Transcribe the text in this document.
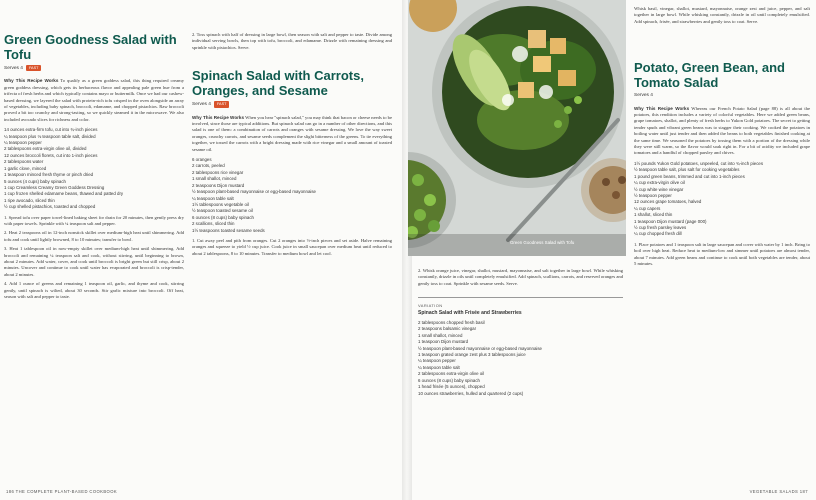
Green Goodness Salad with Tofu
Serves 4 FAST

Why This Recipe Works To qualify as a green goddess salad, this thing required creamy green goddess dressing, which gets its herbaceous flavor and appealing pale green hue from a trifecta of fresh herbs and which typically contains mayo or buttermilk. Once we had our cashew-based dressing, we layered the salad with protein-rich tofu crisped in the oven alongside an array of vegetables, including baby spinach, broccoli, edamame, and chopped pistachios. Raw broccoli proved a bit too crunchy and strong-tasting, so we quickly steamed it in the microwave. We also included avocado slices for richness and color.

14 ounces extra-firm tofu, cut into ¾-inch pieces
¼ teaspoon plus ⅛ teaspoon table salt, divided
¼ teaspoon pepper
2 tablespoons extra-virgin olive oil, divided
12 ounces broccoli florets, cut into 1-inch pieces
2 tablespoons water
1 garlic clove, minced
1 teaspoon minced fresh thyme or pinch dried
5 ounces (4 cups) baby spinach
1 cup Creamless Creamy Green Goddess Dressing
1 cup frozen shelled edamame beans, thawed and patted dry
1 ripe avocado, sliced thin
½ cup shelled pistachios, toasted and chopped

1. Spread tofu over paper towel-lined baking sheet for drain for 20 minutes, then gently press dry with paper towels. Sprinkle with ¼ teaspoon salt and pepper.

2. Heat 2 teaspoons oil in 12-inch nonstick skillet over medium-high heat until shimmering. Add tofu and cook until lightly browned, 8 to 10 minutes; transfer to bowl.

3. Heat 1 tablespoon oil in now-empty skillet over medium-high heat until shimmering. Add broccoli and remaining ¼ teaspoon salt and cook, without stirring, until beginning to brown, about 2 minutes. Add water, cover, and cook until broccoli is bright green but still crisp, about 2 minutes. Uncover and continue to cook until water has evaporated and broccoli is crisp-tender, about 2 minutes.

4. Add 1 ounce of greens and remaining 1 teaspoon oil, garlic, and thyme and cook, stirring gently, until spinach is wilted, about 30 seconds. Stir garlic mixture into broccoli. Off heat, season with salt and pepper to taste.

2. Toss spinach with half of dressing in large bowl, then season with salt and pepper to taste. Divide among individual serving bowls, then top with tofu, broccoli, and edamame. Drizzle with remaining dressing and sprinkle with pistachios. Serve.

Spinach Salad with Carrots, Oranges, and Sesame
Serves 4 FAST

Why This Recipe Works When you hear "spinach salad," you may think that bacon or cheese needs to be involved, since those are typical additions. But spinach salad can go in a number of other directions, and this salad is one of them: a combination of carrots and oranges with sesame dressing. We love the way sweet oranges, crunchy carrots, and sesame seeds complement the slight bitterness of the greens. To tie everything together, we tossed the carrots with a bright dressing made with rice vinegar and a small amount of toasted sesame oil.

6 oranges
2 carrots, peeled
2 tablespoons rice vinegar
1 small shallot, minced
2 teaspoons Dijon mustard
½ teaspoon plant-based mayonnaise or egg-based mayonnaise
¼ teaspoon table salt
1½ tablespoons vegetable oil
½ teaspoon toasted sesame oil
6 ounces (8 cups) baby spinach
2 scallions, sliced thin
1½ teaspoons toasted sesame seeds

1. Cut away peel and pith from oranges. Cut 2 oranges into ½-inch pieces and set aside. Halve remaining oranges and squeeze to yield ½ cup juice. Cook juice in small saucepan over medium heat until reduced to about 2 tablespoons, 8 to 10 minutes. Transfer to medium bowl and let cool.

186 THE COMPLETE PLANT-BASED COOKBOOK
Green Goodness Salad with Tofu

2. Whisk orange juice, vinegar, shallot, mustard, mayonnaise, and salt together in large bowl. While whisking constantly, drizzle in oils until completely emulsified. Add spinach, scallions, carrots, and reserved oranges and gently toss to coat. Sprinkle with sesame seeds. Serve.

VARIATION
Spinach Salad with Frisée and Strawberries
2 tablespoons chopped fresh basil
2 teaspoons balsamic vinegar
1 small shallot, minced
1 teaspoon Dijon mustard
½ teaspoon plant-based mayonnaise or egg-based mayonnaise
1 teaspoon grated orange zest plus 3 tablespoons juice
¼ teaspoon pepper
¼ teaspoon table salt
2 tablespoons extra-virgin olive oil
6 ounces (8 cups) baby spinach
1 head frisée (5 ounces), chopped
10 ounces strawberries, hulled and quartered (2 cups)

Whisk basil, vinegar, shallot, mustard, mayonnaise, orange zest and juice, pepper, and salt together in large bowl. While whisking constantly, drizzle in oil until completely emulsified. Add spinach, frisée, and strawberries and gently toss to coat. Serve.

Potato, Green Bean, and Tomato Salad
Serves 4

Why This Recipe Works Whereas our French Potato Salad (page 88) is all about the potatoes, this rendition includes a variety of colorful vegetables. Here we added green beans, grape tomatoes, shallot, and plenty of fresh herbs to Yukon Gold potatoes. The secret to getting tender spuds and vibrant green beans was to stagger their cooking. We cooked the potatoes in boiling water until just tender and then added the beans to both vegetables finished cooking at the same time. We seasoned the potatoes by tossing them with a portion of the dressing while they were still warm, so the flavor would soak right in. For a bit of acidity we included grape tomatoes and a handful of chopped parsley and chives.

1½ pounds Yukon Gold potatoes, unpeeled, cut into ¾-inch pieces
½ teaspoon table salt, plus salt for cooking vegetables
1 pound green beans, trimmed and cut into 1-inch pieces
¼ cup extra-virgin olive oil
½ cup white wine vinegar
½ teaspoon pepper
12 ounces grape tomatoes, halved
¼ cup capers
1 shallot, sliced thin
1 teaspoon Dijon mustard (page 000)
½ cup fresh parsley leaves
¼ cup chopped fresh dill

1. Place potatoes and 1 teaspoon salt in large saucepan and cover with water by 1 inch. Bring to boil over high heat. Reduce heat to medium-low and simmer until potatoes are almost tender, about 7 minutes. Add green beans and continue to cook until both vegetables are tender, about 5 minutes.

VEGETABLE SALADS 187
